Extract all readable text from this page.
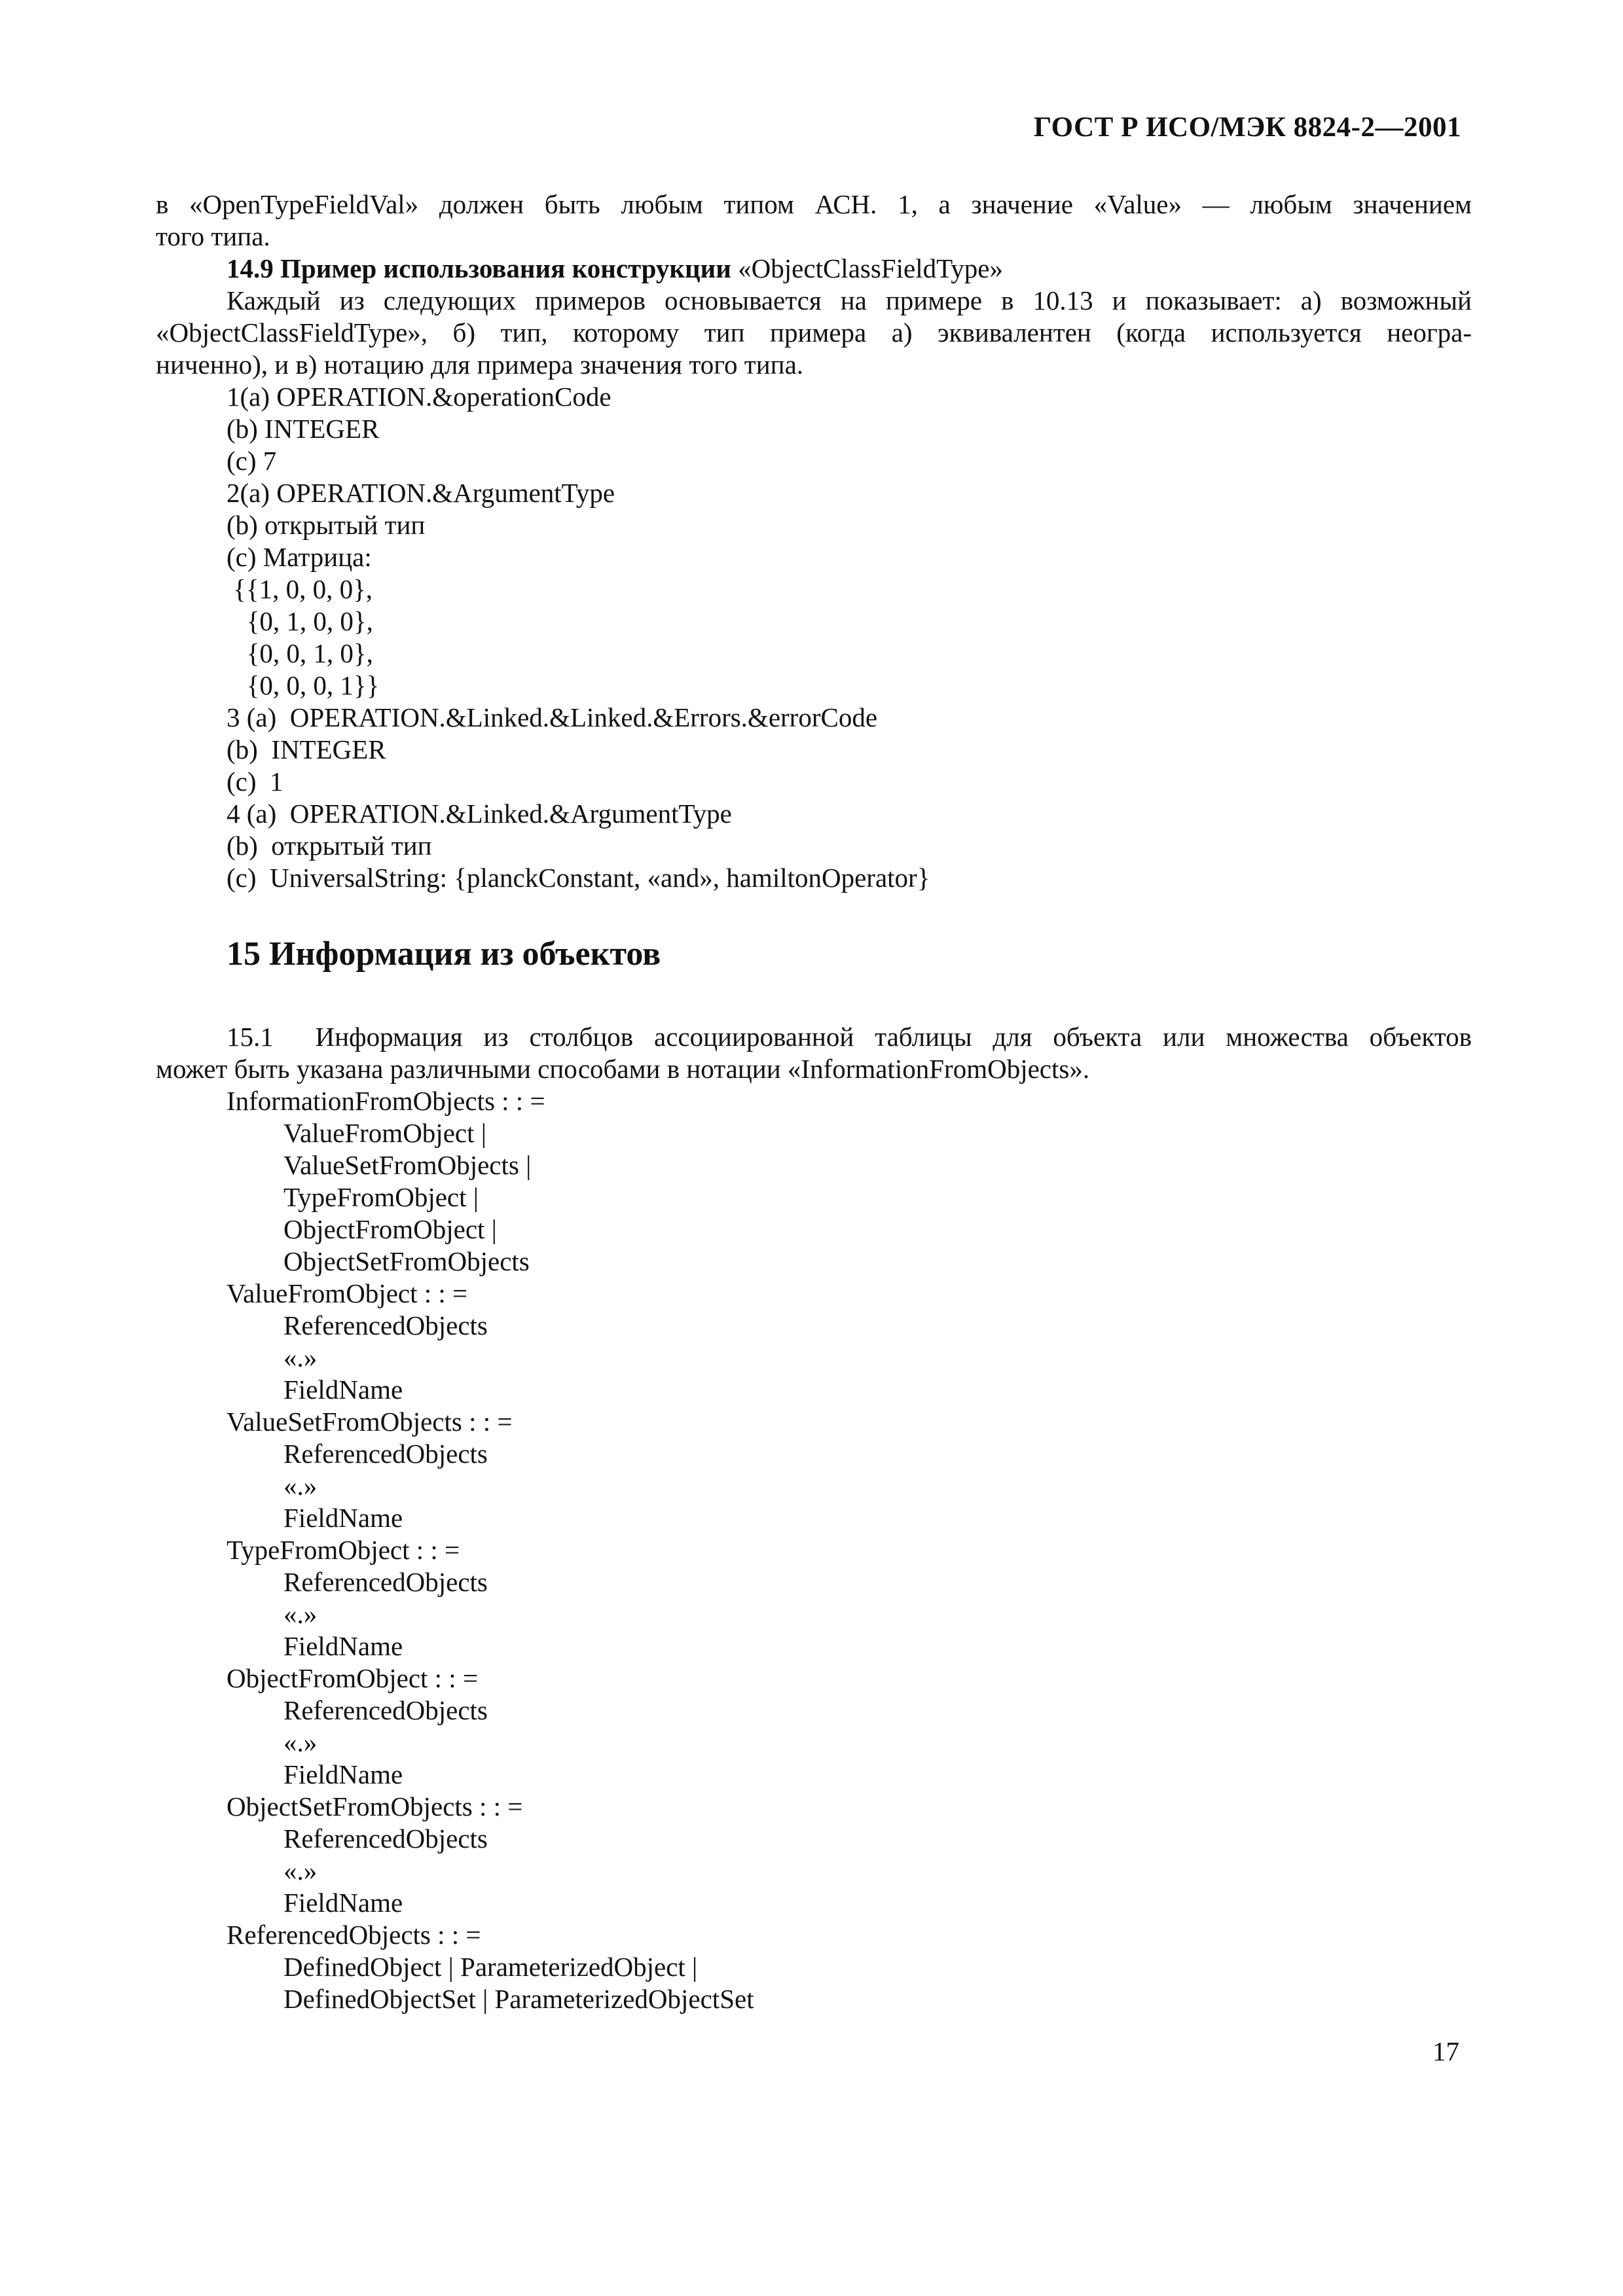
ГОСТ Р ИСО/МЭК 8824-2—2001
в «OpenTypeFieldVal» должен быть любым типом АСН. 1, а значение «Value» — любым значением
того типа.
14.9 Пример использования конструкции «ObjectClassFieldType»
Каждый из следующих примеров основывается на примере в 10.13 и показывает: а) возможный
«ObjectClassFieldType», б) тип, которому тип примера а) эквивалентен (когда используется неогра-
ниченно), и в) нотацию для примера значения того типа.
1(a) OPERATION.&operationCode
(b) INTEGER
(c) 7
2(a) OPERATION.&ArgumentType
(b) открытый тип
(c) Матрица:
{{1, 0, 0, 0},
{0, 1, 0, 0},
{0, 0, 1, 0},
{0, 0, 0, 1}}
3 (a)  OPERATION.&Linked.&Linked.&Errors.&errorCode
(b)  INTEGER
(c)  1
4 (a)  OPERATION.&Linked.&ArgumentType
(b)  открытый тип
(c)  UniversalString: {planckConstant, «and», hamiltonOperator}
15 Информация из объектов
15.1  Информация из столбцов ассоциированной таблицы для объекта или множества объектов
может быть указана различными способами в нотации «InformationFromObjects».
InformationFromObjects : : =
ValueFromObject |
ValueSetFromObjects |
TypeFromObject |
ObjectFromObject |
ObjectSetFromObjects
ValueFromObject : : =
ReferencedObjects
«.»
FieldName
ValueSetFromObjects : : =
ReferencedObjects
«.»
FieldName
TypeFromObject : : =
ReferencedObjects
«.»
FieldName
ObjectFromObject : : =
ReferencedObjects
«.»
FieldName
ObjectSetFromObjects : : =
ReferencedObjects
«.»
FieldName
ReferencedObjects : : =
DefinedObject | ParameterizedObject |
DefinedObjectSet | ParameterizedObjectSet
17
